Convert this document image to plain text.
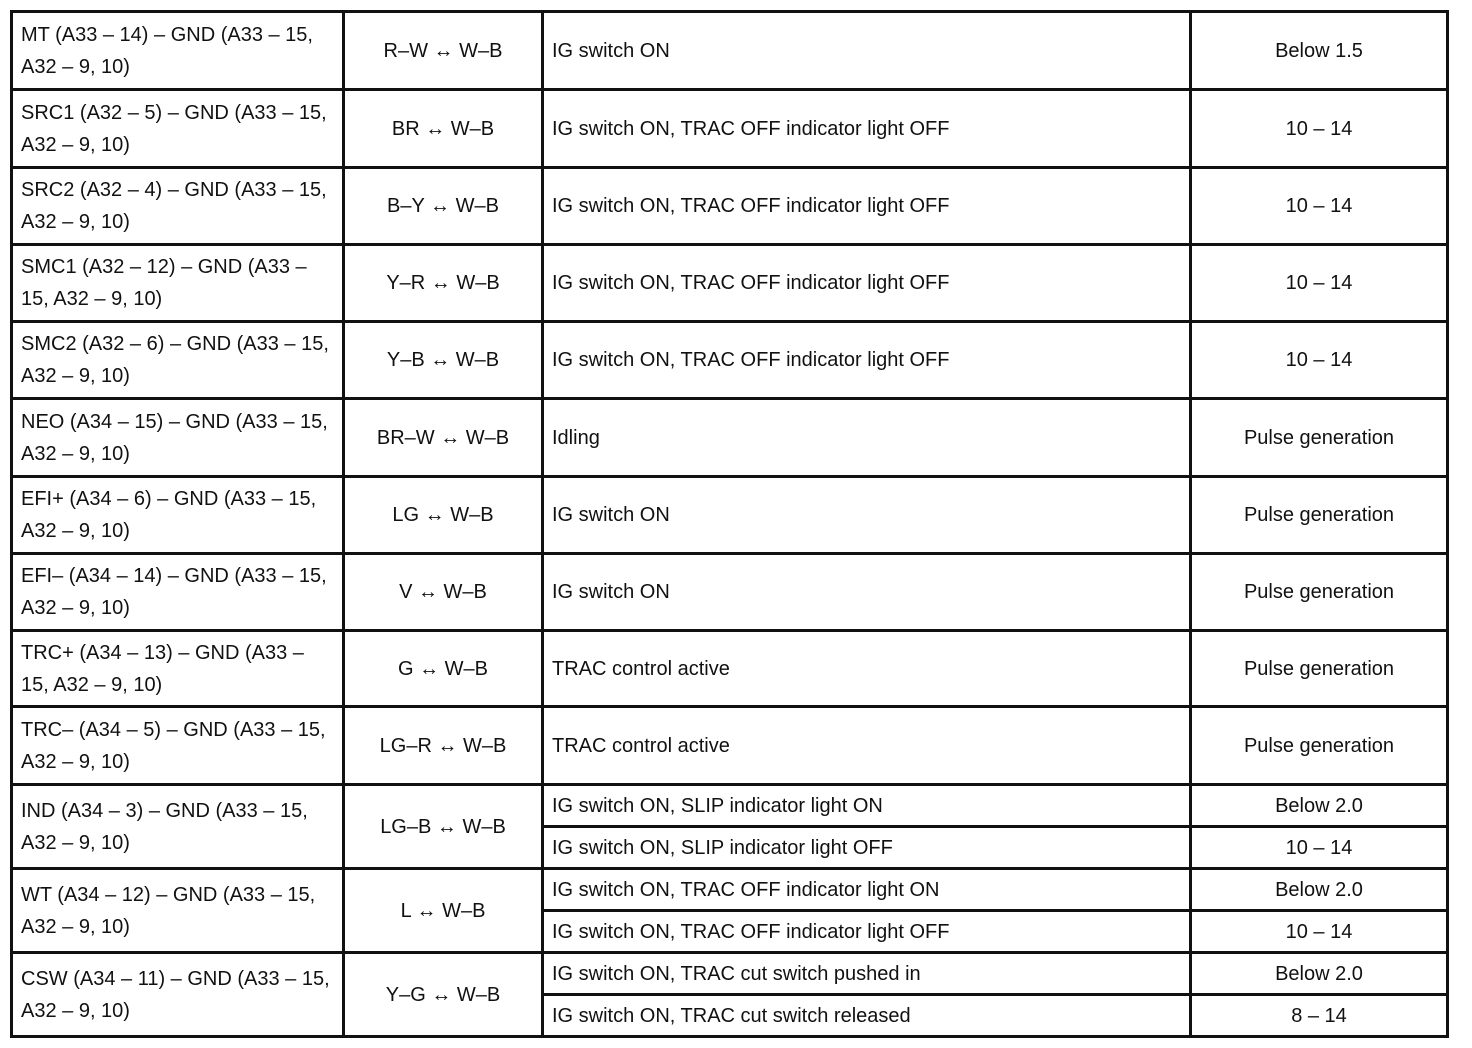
MT (A33 – 14) – GND (A33 – 15, A32 – 9, 10)	R–W ↔ W–B	IG switch ON	Below 1.5
SRC1 (A32 – 5) – GND (A33 – 15, A32 – 9, 10)	BR ↔ W–B	IG switch ON, TRAC OFF indicator light OFF	10 – 14
SRC2 (A32 – 4) – GND (A33 – 15, A32 – 9, 10)	B–Y ↔ W–B	IG switch ON, TRAC OFF indicator light OFF	10 – 14
SMC1 (A32 – 12) – GND (A33 – 15, A32 – 9, 10)	Y–R ↔ W–B	IG switch ON, TRAC OFF indicator light OFF	10 – 14
SMC2 (A32 – 6) – GND (A33 – 15, A32 – 9, 10)	Y–B ↔ W–B	IG switch ON, TRAC OFF indicator light OFF	10 – 14
NEO (A34 – 15) – GND (A33 – 15, A32 – 9, 10)	BR–W ↔ W–B	Idling	Pulse generation
EFI+ (A34 – 6) – GND (A33 – 15, A32 – 9, 10)	LG ↔ W–B	IG switch ON	Pulse generation
EFI– (A34 – 14) – GND (A33 – 15, A32 – 9, 10)	V ↔ W–B	IG switch ON	Pulse generation
TRC+ (A34 – 13) – GND (A33 – 15, A32 – 9, 10)	G ↔ W–B	TRAC control active	Pulse generation
TRC– (A34 – 5) – GND (A33 – 15, A32 – 9, 10)	LG–R ↔ W–B	TRAC control active	Pulse generation
IND (A34 – 3) – GND (A33 – 15, A32 – 9, 10)	LG–B ↔ W–B	IG switch ON, SLIP indicator light ON	Below 2.0
		IG switch ON, SLIP indicator light OFF	10 – 14
WT (A34 – 12) – GND (A33 – 15, A32 – 9, 10)	L ↔ W–B	IG switch ON, TRAC OFF indicator light ON	Below 2.0
		IG switch ON, TRAC OFF indicator light OFF	10 – 14
CSW (A34 – 11) – GND (A33 – 15, A32 – 9, 10)	Y–G ↔ W–B	IG switch ON, TRAC cut switch pushed in	Below 2.0
		IG switch ON, TRAC cut switch released	8 – 14
